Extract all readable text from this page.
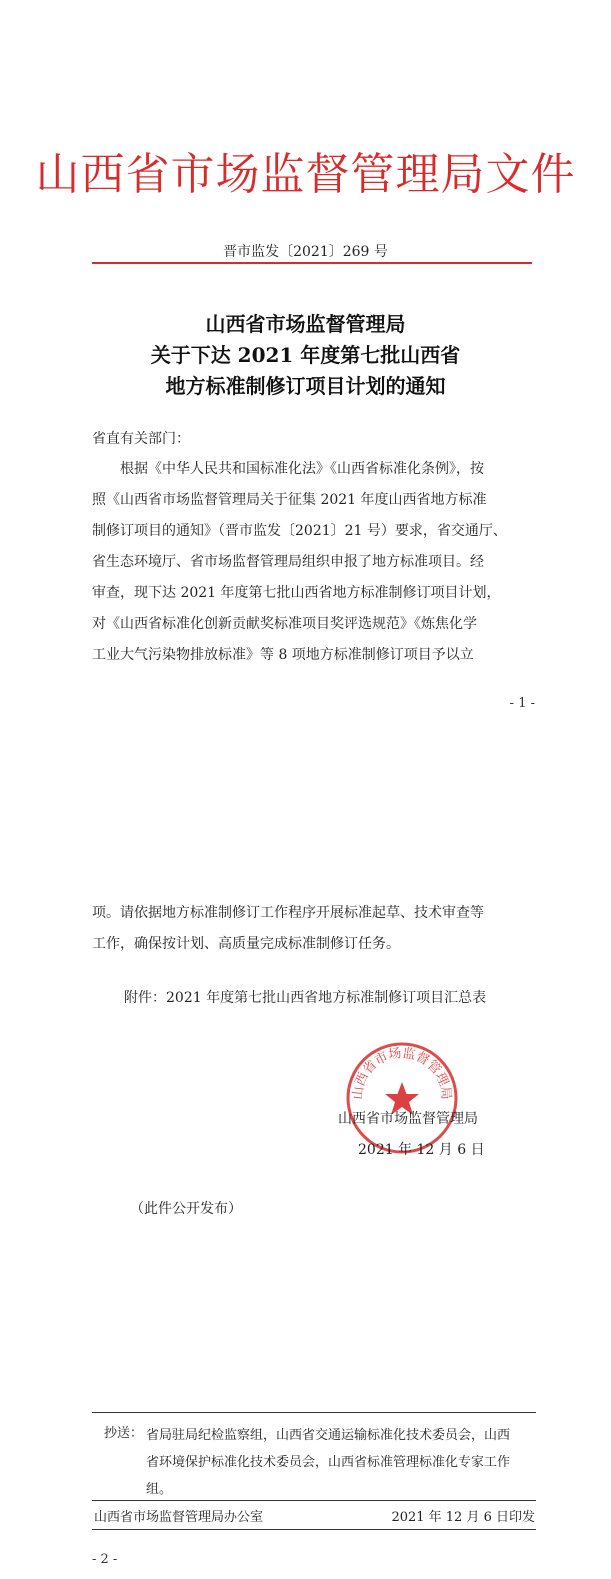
山西省市场监督管理局文件
晋市监发〔2021〕269 号
山西省市场监督管理局
关于下达 2021 年度第七批山西省
地方标准制修订项目计划的通知
省直有关部门：
　　根据《中华人民共和国标准化法》《山西省标准化条例》，按
照《山西省市场监督管理局关于征集 2021 年度山西省地方标准
制修订项目的通知》（晋市监发〔2021〕21 号）要求，省交通厅、
省生态环境厅、省市场监督管理局组织申报了地方标准项目。经
审查，现下达 2021 年度第七批山西省地方标准制修订项目计划，
对《山西省标准化创新贡献奖标准项目奖评选规范》《炼焦化学
工业大气污染物排放标准》等 8 项地方标准制修订项目予以立
- 1 -
项。请依据地方标准制修订工作程序开展标准起草、技术审查等
工作，确保按计划、高质量完成标准制修订任务。
附件：2021 年度第七批山西省地方标准制修订项目汇总表
山西省市场监督管理局
山西省市场监督管理局
2021 年 12 月 6 日
（此件公开发布）
抄送： 省局驻局纪检监察组，山西省交通运输标准化技术委员会，山西
省环境保护标准化技术委员会，山西省标准管理标准化专家工作
组。
山西省市场监督管理局办公室	2021 年 12 月 6 日印发
- 2 -
